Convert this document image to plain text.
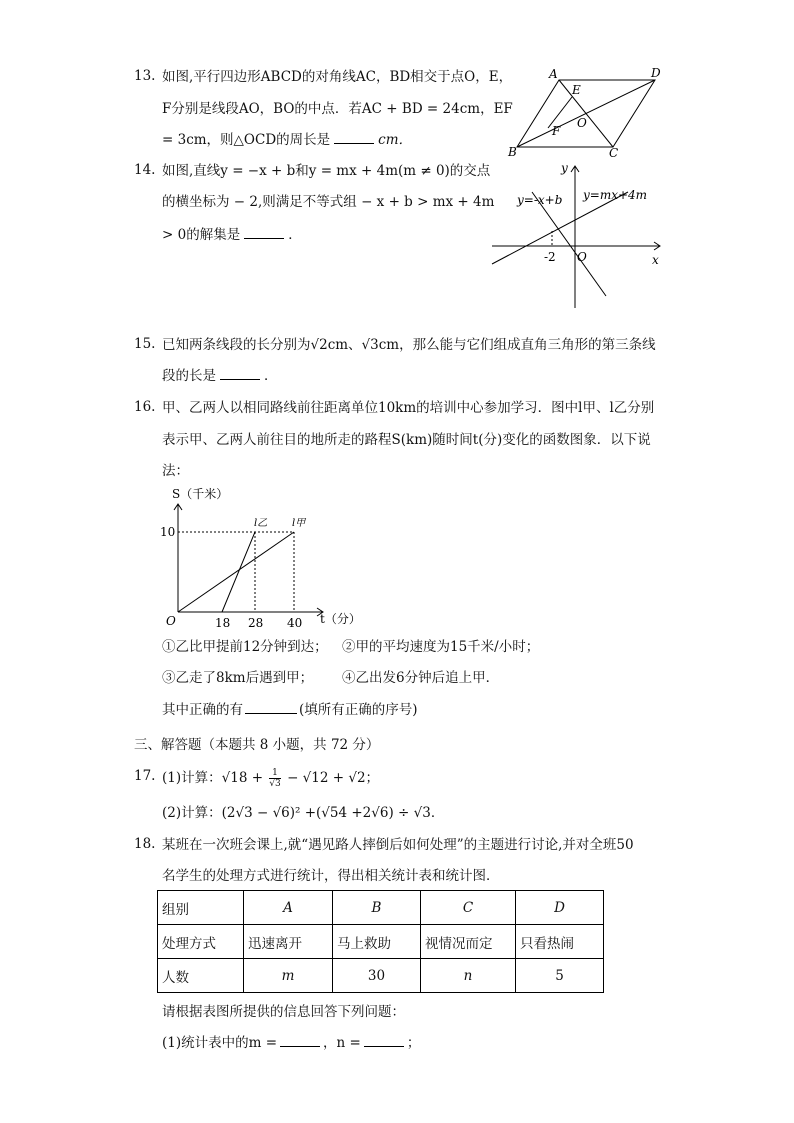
13. 如图,平行四边形ABCD的对角线AC，BD相交于点O，E，
F分别是线段AO，BO的中点．若AC + BD = 24cm，EF
= 3cm，则△OCD的周长是	cm．
A	D
E
O
F
B	C
14. 如图,直线y = −x + b和y = mx + 4m(m ≠ 0)的交点
的横坐标为 − 2,则满足不等式组 − x + b > mx + 4m
> 0的解集是	．
y
x
O
-2
y=-x+b y=mx+4m
15. 已知两条线段的长分别为√2cm、√3cm，那么能与它们组成直角三角形的第三条线
段的长是	．
16. 甲、乙两人以相同路线前往距离单位10km的培训中心参加学习．图中l甲、l乙分别
表示甲、乙两人前往目的地所走的路程S(km)随时间t(分)变化的函数图象．以下说
法：
S（千米）
10
O	18 28 40 t（分）
l乙 l甲
①乙比甲提前12分钟到达； ②甲的平均速度为15千米/小时；
③乙走了8km后遇到甲； ④乙出发6分钟后追上甲．
其中正确的有	(填所有正确的序号)
三、解答题（本题共 8 小题，共 72 分）
17. (1)计算：$√18 + \frac{1}{√3} - √12 + √2$；
(2)计算：(2√3 − √6)² +(√54 +2√6) ÷ √3．
18. 某班在一次班会课上,就“遇见路人摔倒后如何处理”的主题进行讨论,并对全班50
名学生的处理方式进行统计，得出相关统计表和统计图．
组别	A	B	C	D
处理方式	迅速离开	马上救助	视情况而定	只看热闹
人数	m	30	n	5
请根据表图所提供的信息回答下列问题：
(1)统计表中的m =	，n =	；
